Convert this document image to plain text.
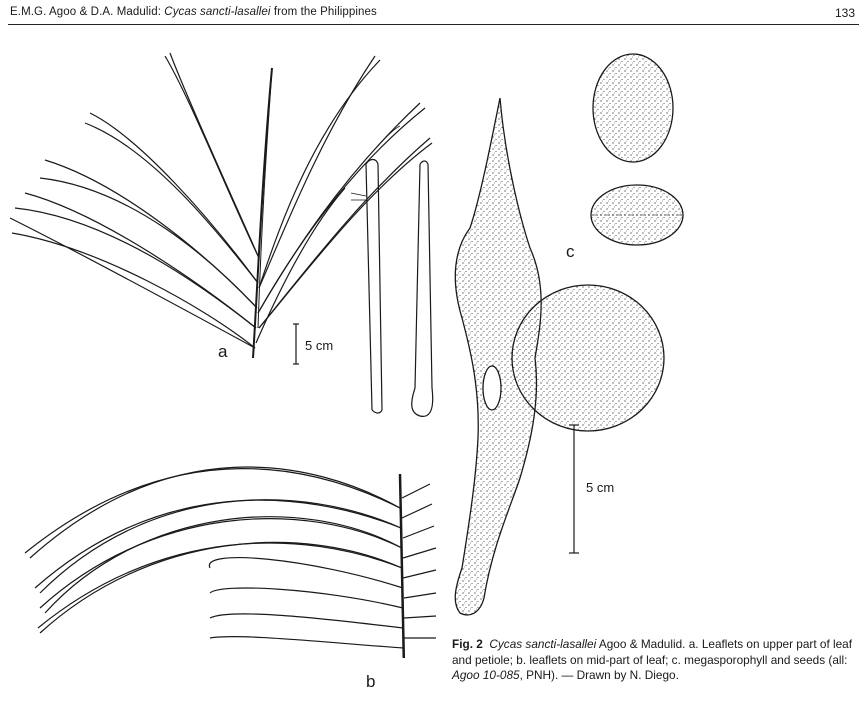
E.M.G. Agoo & D.A. Madulid: Cycas sancti-lasallei from the Philippines	133
a
b
c
5 cm
5 cm
Fig. 2 Cycas sancti-lasallei Agoo & Madulid. a. Leaflets on upper part of leaf and petiole; b. leaflets on mid-part of leaf; c. megasporophyll and seeds (all: Agoo 10-085, PNH). — Drawn by N. Diego.
